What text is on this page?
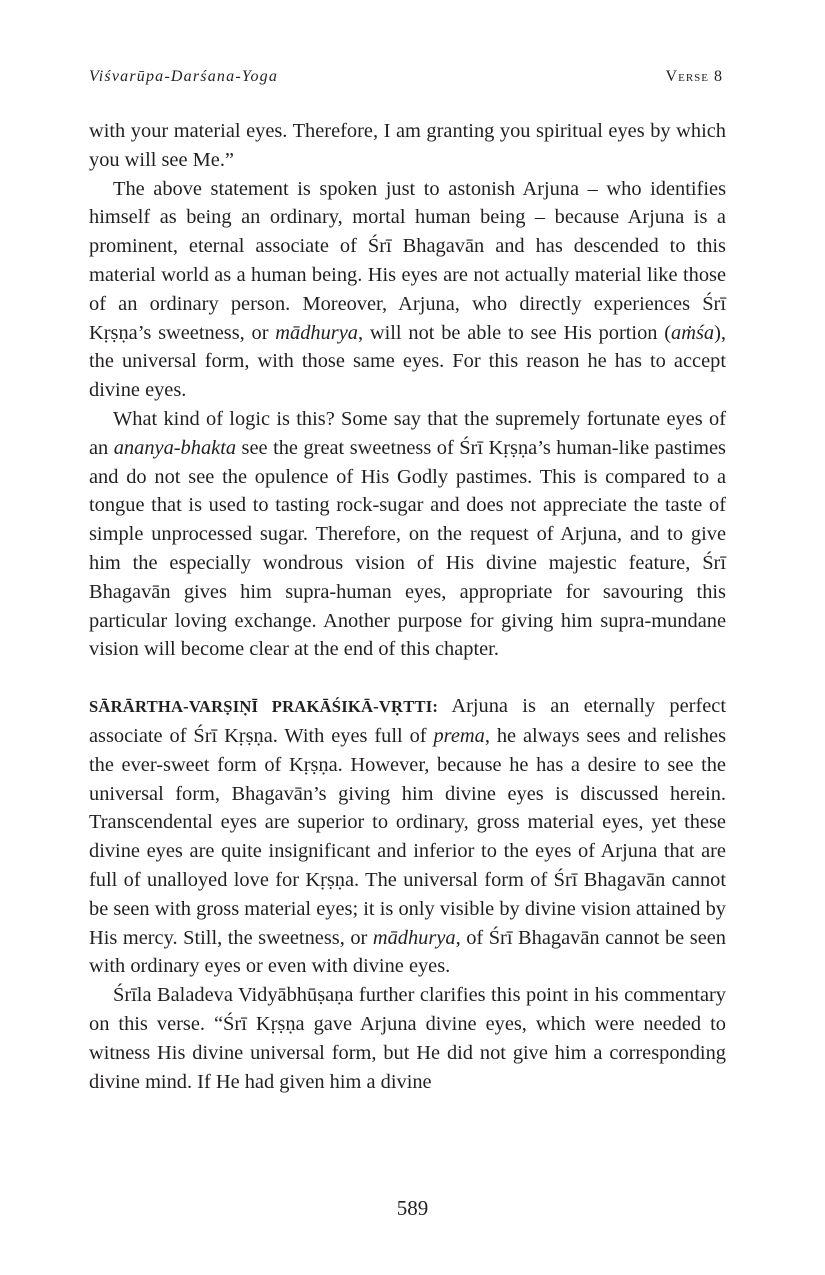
Viśvarūpa-Darśana-Yoga	Verse 8

with your material eyes. Therefore, I am granting you spiritual eyes by which you will see Me.”

The above statement is spoken just to astonish Arjuna – who identifies himself as being an ordinary, mortal human being – because Arjuna is a prominent, eternal associate of Śrī Bhagavān and has descended to this material world as a human being. His eyes are not actually material like those of an ordinary person. Moreover, Arjuna, who directly experiences Śrī Kṛṣṇa’s sweetness, or mādhurya, will not be able to see His portion (aṁśa), the universal form, with those same eyes. For this reason he has to accept divine eyes.

What kind of logic is this? Some say that the supremely fortunate eyes of an ananya-bhakta see the great sweetness of Śrī Kṛṣṇa’s human-like pastimes and do not see the opulence of His Godly pastimes. This is compared to a tongue that is used to tasting rock-sugar and does not appreciate the taste of simple unprocessed sugar. Therefore, on the request of Arjuna, and to give him the especially wondrous vision of His divine majestic feature, Śrī Bhagavān gives him supra-human eyes, appropriate for savouring this particular loving exchange. Another purpose for giving him supra-mundane vision will become clear at the end of this chapter.

SĀRĀRTHA-VARṢIṆĪ PRAKĀŚIKĀ-VṚTTI: Arjuna is an eternally perfect associate of Śrī Kṛṣṇa. With eyes full of prema, he always sees and relishes the ever-sweet form of Kṛṣṇa. However, because he has a desire to see the universal form, Bhagavān’s giving him divine eyes is discussed herein. Transcendental eyes are superior to ordinary, gross material eyes, yet these divine eyes are quite insignificant and inferior to the eyes of Arjuna that are full of unalloyed love for Kṛṣṇa. The universal form of Śrī Bhagavān cannot be seen with gross material eyes; it is only visible by divine vision attained by His mercy. Still, the sweetness, or mādhurya, of Śrī Bhagavān cannot be seen with ordinary eyes or even with divine eyes.

Śrīla Baladeva Vidyābhūṣaṇa further clarifies this point in his commentary on this verse. “Śrī Kṛṣṇa gave Arjuna divine eyes, which were needed to witness His divine universal form, but He did not give him a corresponding divine mind. If He had given him a divine

589
